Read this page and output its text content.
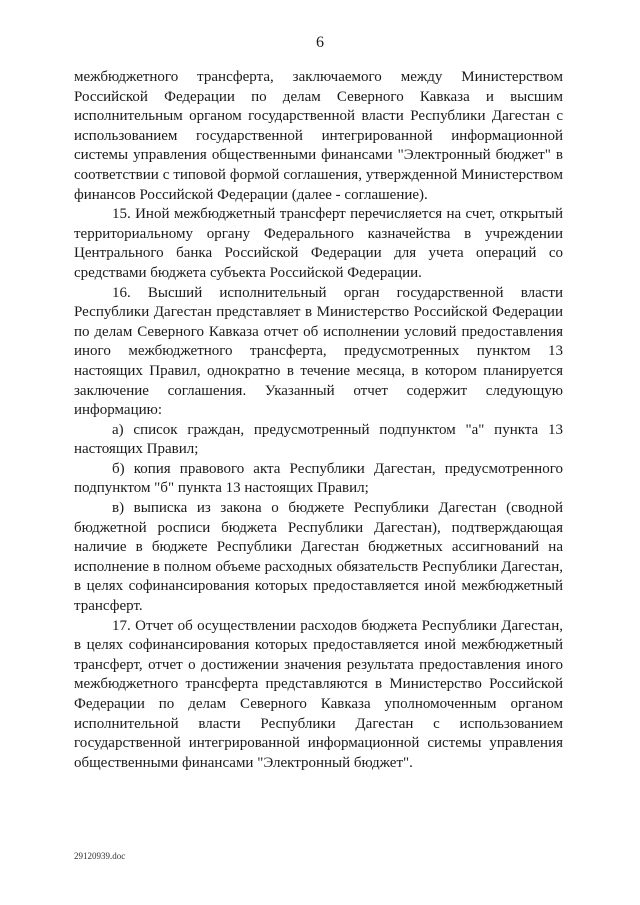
6

межбюджетного трансферта, заключаемого между Министерством Российской Федерации по делам Северного Кавказа и высшим исполнительным органом государственной власти Республики Дагестан с использованием государственной интегрированной информационной системы управления общественными финансами "Электронный бюджет" в соответствии с типовой формой соглашения, утвержденной Министерством финансов Российской Федерации (далее - соглашение).

15. Иной межбюджетный трансферт перечисляется на счет, открытый территориальному органу Федерального казначейства в учреждении Центрального банка Российской Федерации для учета операций со средствами бюджета субъекта Российской Федерации.

16. Высший исполнительный орган государственной власти Республики Дагестан представляет в Министерство Российской Федерации по делам Северного Кавказа отчет об исполнении условий предоставления иного межбюджетного трансферта, предусмотренных пунктом 13 настоящих Правил, однократно в течение месяца, в котором планируется заключение соглашения. Указанный отчет содержит следующую информацию:

а) список граждан, предусмотренный подпунктом "а" пункта 13 настоящих Правил;

б) копия правового акта Республики Дагестан, предусмотренного подпунктом "б" пункта 13 настоящих Правил;

в) выписка из закона о бюджете Республики Дагестан (сводной бюджетной росписи бюджета Республики Дагестан), подтверждающая наличие в бюджете Республики Дагестан бюджетных ассигнований на исполнение в полном объеме расходных обязательств Республики Дагестан, в целях софинансирования которых предоставляется иной межбюджетный трансферт.

17. Отчет об осуществлении расходов бюджета Республики Дагестан, в целях софинансирования которых предоставляется иной межбюджетный трансферт, отчет о достижении значения результата предоставления иного межбюджетного трансферта представляются в Министерство Российской Федерации по делам Северного Кавказа уполномоченным органом исполнительной власти Республики Дагестан с использованием государственной интегрированной информационной системы управления общественными финансами "Электронный бюджет".

29120939.doc
